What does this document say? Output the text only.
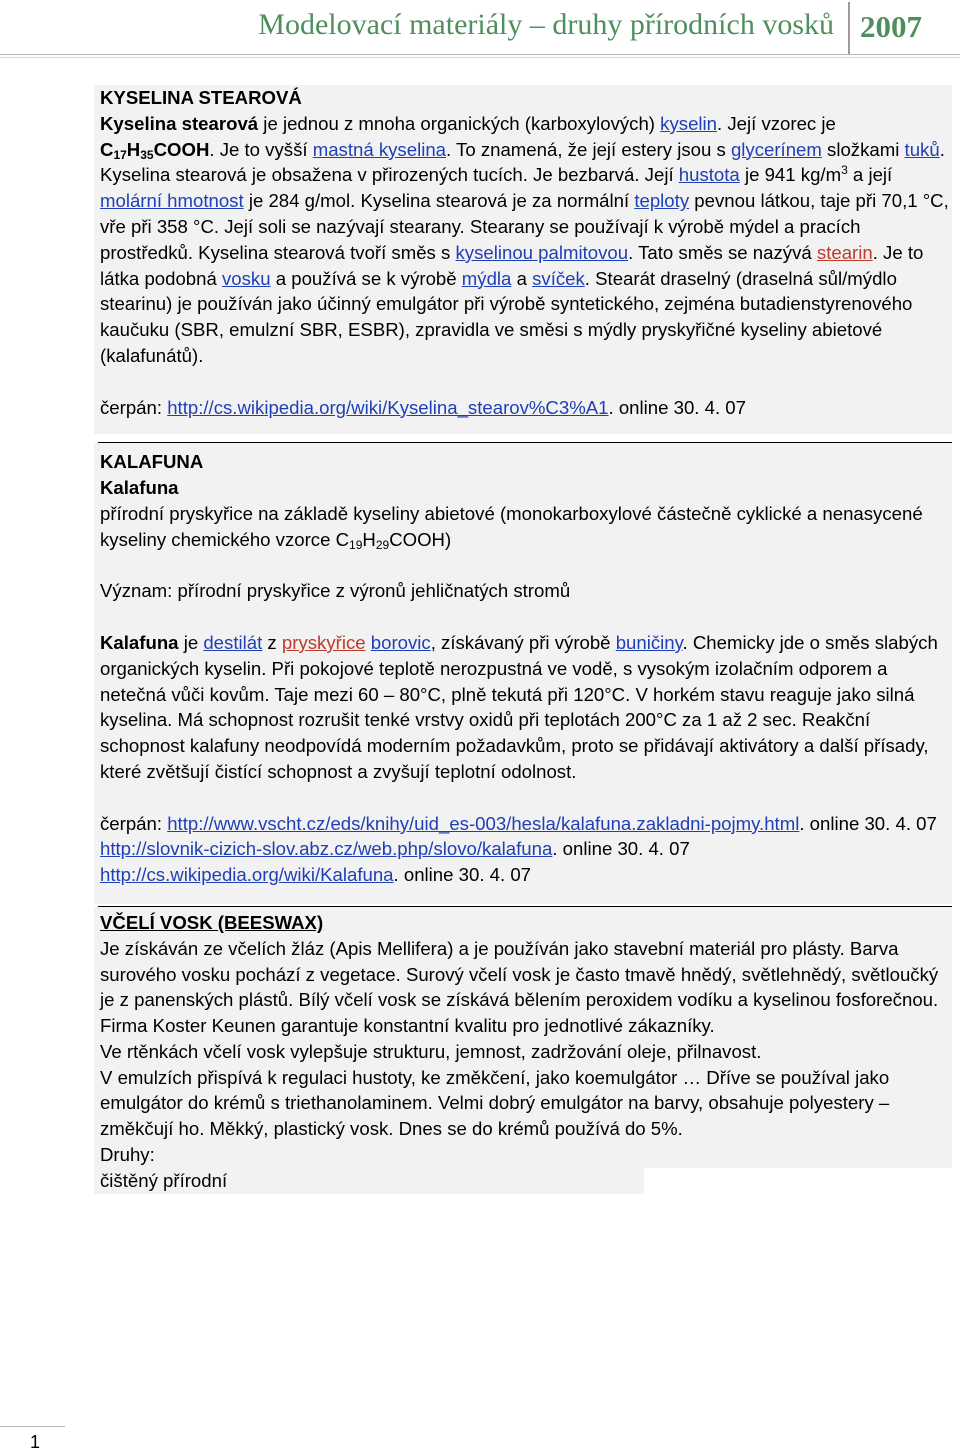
Modelovací materiály – druhy přírodních vosků 2007
KYSELINA STEAROVÁ
Kyselina stearová je jednou z mnoha organických (karboxylových) kyselin. Její vzorec je $C_{17}H_{35}COOH$. Je to vyšší mastná kyselina. To znamená, že její estery jsou s glycerínem složkami tuků. Kyselina stearová je obsažena v přirozených tucích. Je bezbarvá. Její hustota je 941 $kg/m^3$ a její molární hmotnost je 284 g/mol. Kyselina stearová je za normální teploty pevnou látkou, taje při 70,1 °C, vře při 358 °C. Její soli se nazývají stearany. Stearany se používají k výrobě mýdel a pracích prostředků. Kyselina stearová tvoří směs s kyselinou palmitovou. Tato směs se nazývá stearin. Je to látka podobná vosku a používá se k výrobě mýdla a svíček. Stearát draselný (draselná sůl/mýdlo stearinu) je používán jako účinný emulgátor při výrobě syntetického, zejména butadienstyrenového kaučuku (SBR, emulzní SBR, ESBR), zpravidla ve směsi s mýdly pryskyřičné kyseliny abietové (kalafunátů).
čerpán: http://cs.wikipedia.org/wiki/Kyselina_stearov%C3%A1. online 30. 4. 07
KALAFUNA
Kalafuna
přírodní pryskyřice na základě kyseliny abietové (monokarboxylové částečně cyklické a nenasycené kyseliny chemického vzorce $C_{19}H_{29}COOH$)
Význam: přírodní pryskyřice z výronů jehličnatých stromů
Kalafuna je destilát z pryskyřice borovic, získávaný při výrobě buničiny. Chemicky jde o směs slabých organických kyselin. Při pokojové teplotě nerozpustná ve vodě, s vysokým izolačním odporem a netečná vůči kovům. Taje mezi 60 – 80°C, plně tekutá při 120°C. V horkém stavu reaguje jako silná kyselina. Má schopnost rozrušit tenké vrstvy oxidů při teplotách 200°C za 1 až 2 sec. Reakční schopnost kalafuny neodpovídá moderním požadavkům, proto se přidávají aktivátory a další přísady, které zvětšují čistící schopnost a zvyšují teplotní odolnost.
čerpán: http://www.vscht.cz/eds/knihy/uid_es-003/hesla/kalafuna.zakladni-pojmy.html. online 30. 4. 07
http://slovnik-cizich-slov.abz.cz/web.php/slovo/kalafuna. online 30. 4. 07
http://cs.wikipedia.org/wiki/Kalafuna. online 30. 4. 07
VČELÍ VOSK (BEESWAX)
Je získáván ze včelích žláz (Apis Mellifera) a je používán jako stavební materiál pro plásty. Barva surového vosku pochází z vegetace. Surový včelí vosk je často tmavě hnědý, světlehnědý, světloučký je z panenských plástů. Bílý včelí vosk se získává bělením peroxidem vodíku a kyselinou fosforečnou. Firma Koster Keunen garantuje konstantní kvalitu pro jednotlivé zákazníky.
Ve rtěnkách včelí vosk vylepšuje strukturu, jemnost, zadržování oleje, přilnavost.
V emulzích přispívá k regulaci hustoty, ke změkčení, jako koemulgátor … Dříve se používal jako emulgátor do krémů s triethanolaminem. Velmi dobrý emulgátor na barvy, obsahuje polyestery – změkčují ho. Měkký, plastický vosk. Dnes se do krémů používá do 5%.
Druhy:
čištěný přírodní
1
